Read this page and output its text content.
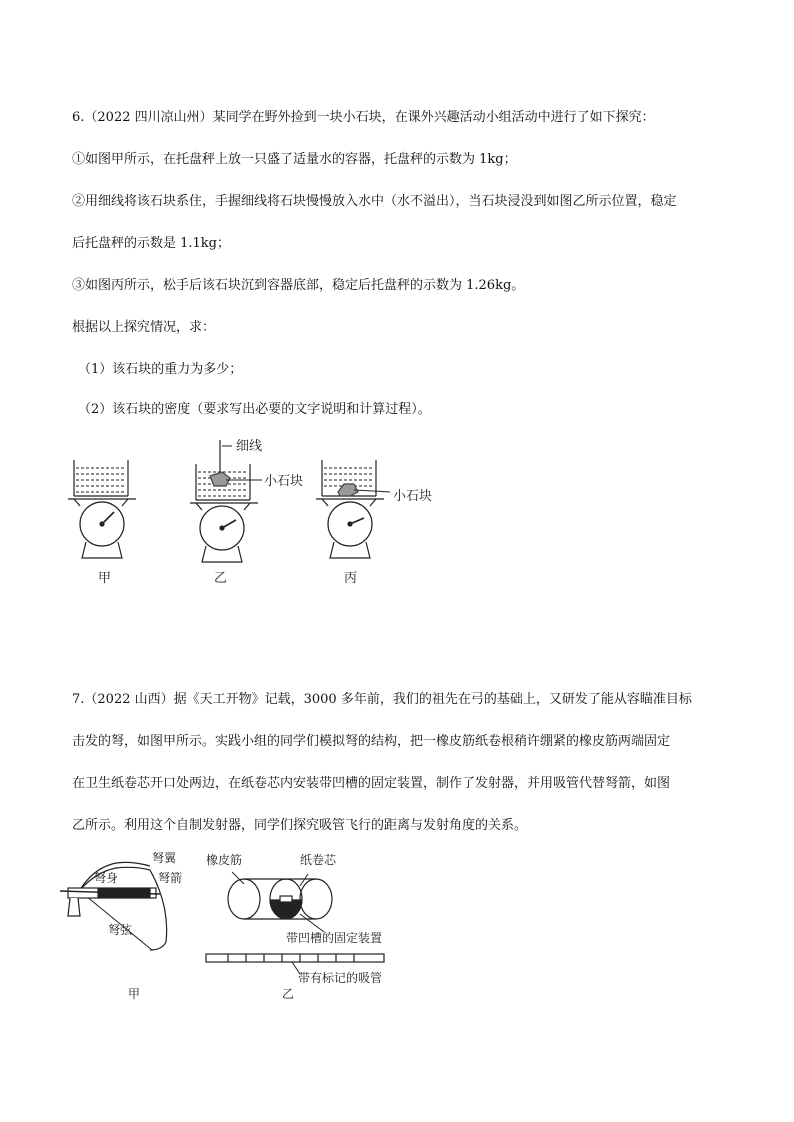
6.（2022 四川凉山州）某同学在野外捡到一块小石块，在课外兴趣活动小组活动中进行了如下探究：
①如图甲所示，在托盘秤上放一只盛了适量水的容器，托盘秤的示数为 1kg；
②用细线将该石块系住，手握细线将石块慢慢放入水中（水不溢出），当石块浸没到如图乙所示位置，稳定
后托盘秤的示数是 1.1kg；
③如图丙所示，松手后该石块沉到容器底部，稳定后托盘秤的示数为 1.26kg。
根据以上探究情况，求：
（1）该石块的重力为多少；
（2）该石块的密度（要求写出必要的文字说明和计算过程）。
细线
小石块
小石块
甲	乙	丙
7.（2022 山西）据《天工开物》记载，3000 多年前，我们的祖先在弓的基础上，又研发了能从容瞄准目标
击发的弩，如图甲所示。实践小组的同学们模拟弩的结构，把一橡皮筋纸卷根稍许绷紧的橡皮筋两端固定
在卫生纸卷芯开口处两边，在纸卷芯内安装带凹槽的固定装置，制作了发射器，并用吸管代替弩箭，如图
乙所示。利用这个自制发射器，同学们探究吸管飞行的距离与发射角度的关系。
弩身
弩翼
弩箭
弩弦
甲
橡皮筋	纸卷芯
带凹槽的固定装置
带有标记的吸管
乙
